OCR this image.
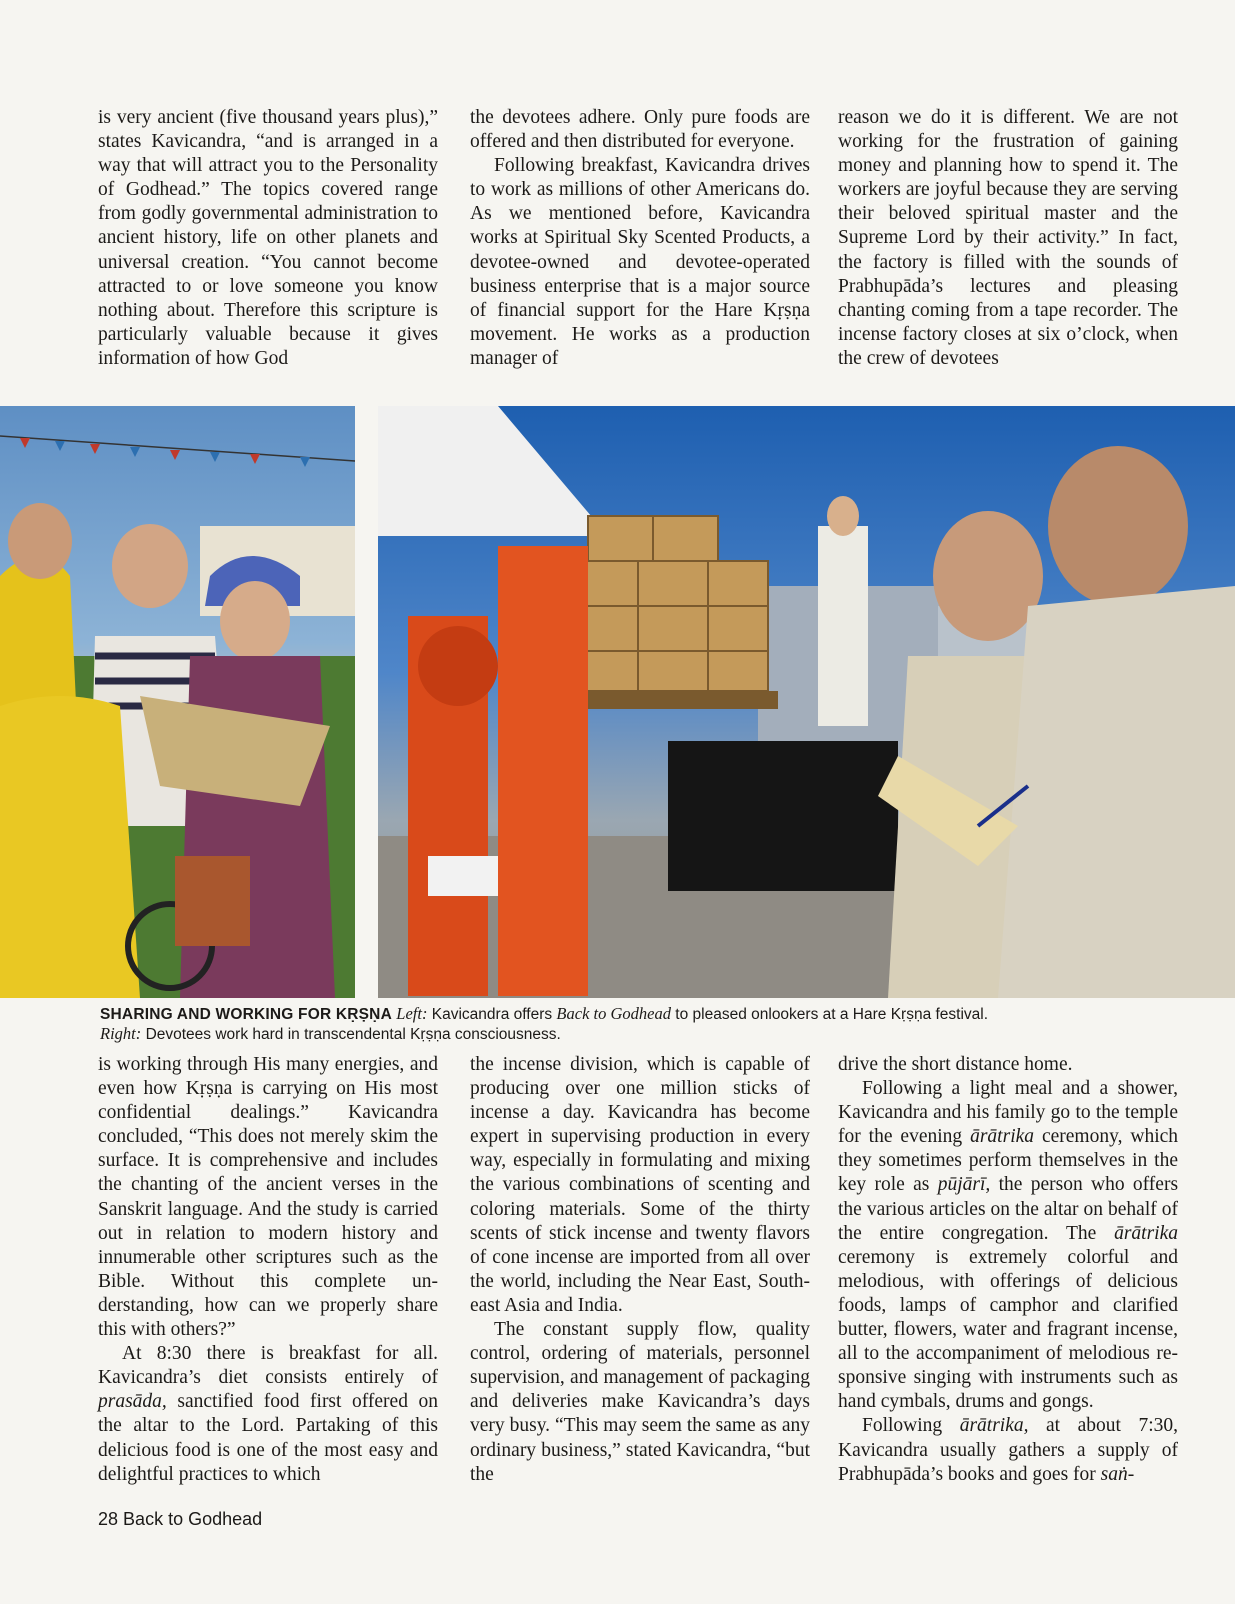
is very ancient (five thousand years plus),” states Kavicandra, “and is arranged in a way that will attract you to the Personality of Godhead.” The topics covered range from godly governmental administration to ancient history, life on other planets and universal creation. “You cannot become attracted to or love someone you know nothing about. Therefore this scripture is particularly valuable because it gives information of how God

the devotees adhere. Only pure foods are offered and then distributed for everyone.

Following breakfast, Kavicandra drives to work as millions of other Americans do. As we mentioned before, Kavicandra works at Spiritual Sky Scented Products, a devotee-owned and devotee-operated business enterprise that is a major source of financial support for the Hare Kṛṣṇa movement. He works as a production manager of

reason we do it is different. We are not working for the frustration of gaining money and planning how to spend it. The workers are joyful because they are serving their beloved spiritual master and the Supreme Lord by their activity.” In fact, the factory is filled with the sounds of Prabhupāda’s lectures and pleasing chanting coming from a tape recorder. The incense factory closes at six o’clock, when the crew of devotees

SHARING AND WORKING FOR KṚṢṆA Left: Kavicandra offers Back to Godhead to pleased onlookers at a Hare Kṛṣṇa festival.
Right: Devotees work hard in transcendental Kṛṣṇa consciousness.

is working through His many energies, and even how Kṛṣṇa is carrying on His most confidential dealings.” Kavicandra concluded, “This does not merely skim the surface. It is comprehensive and includes the chanting of the ancient verses in the Sanskrit language. And the study is carried out in relation to modern history and innumerable other scriptures such as the Bible. Without this complete understanding, how can we properly share this with others?”

At 8:30 there is breakfast for all. Kavicandra’s diet consists entirely of prasāda, sanctified food first offered on the altar to the Lord. Partaking of this delicious food is one of the most easy and delightful practices to which

the incense division, which is capable of producing over one million sticks of incense a day. Kavicandra has become expert in supervising production in every way, especially in formulating and mixing the various combinations of scenting and coloring materials. Some of the thirty scents of stick incense and twenty flavors of cone incense are imported from all over the world, including the Near East, Southeast Asia and India.

The constant supply flow, quality control, ordering of materials, personnel supervision, and management of packaging and deliveries make Kavicandra’s days very busy. “This may seem the same as any ordinary business,” stated Kavicandra, “but the

drive the short distance home.

Following a light meal and a shower, Kavicandra and his family go to the temple for the evening ārātrika ceremony, which they sometimes perform themselves in the key role as pūjārī, the person who offers the various articles on the altar on behalf of the entire congregation. The ārātrika ceremony is extremely colorful and melodious, with offerings of delicious foods, lamps of camphor and clarified butter, flowers, water and fragrant incense, all to the accompaniment of melodious responsive singing with instruments such as hand cymbals, drums and gongs.

Following ārātrika, at about 7:30, Kavicandra usually gathers a supply of Prabhupāda’s books and goes for saṅ-

28 Back to Godhead
